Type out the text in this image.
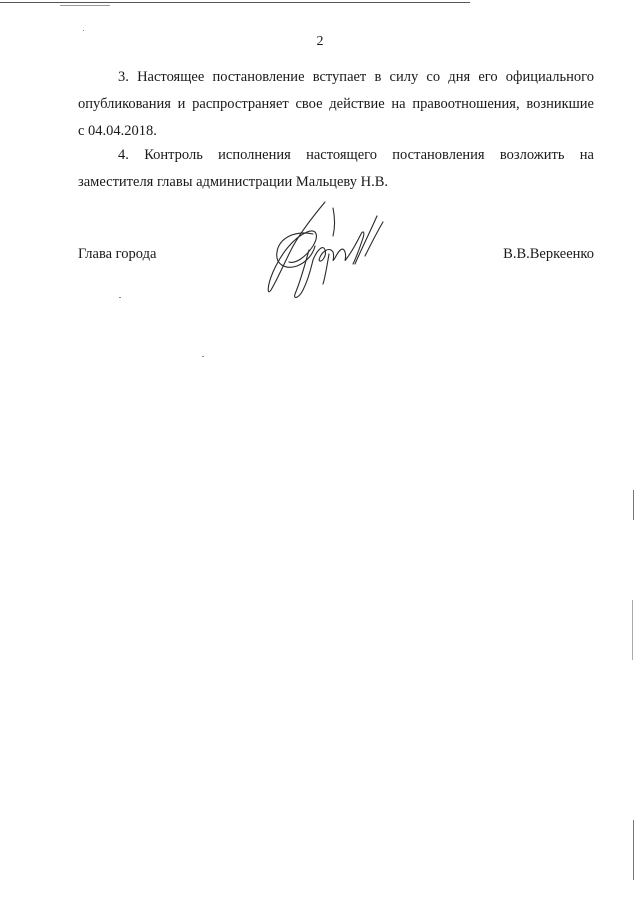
2
3. Настоящее постановление вступает в силу со дня его официального
опубликования и распространяет свое действие на правоотношения, возникшие
с 04.04.2018.
4. Контроль исполнения настоящего постановления возложить на
заместителя главы администрации Мальцеву Н.В.
Глава города	В.В.Веркеенко
